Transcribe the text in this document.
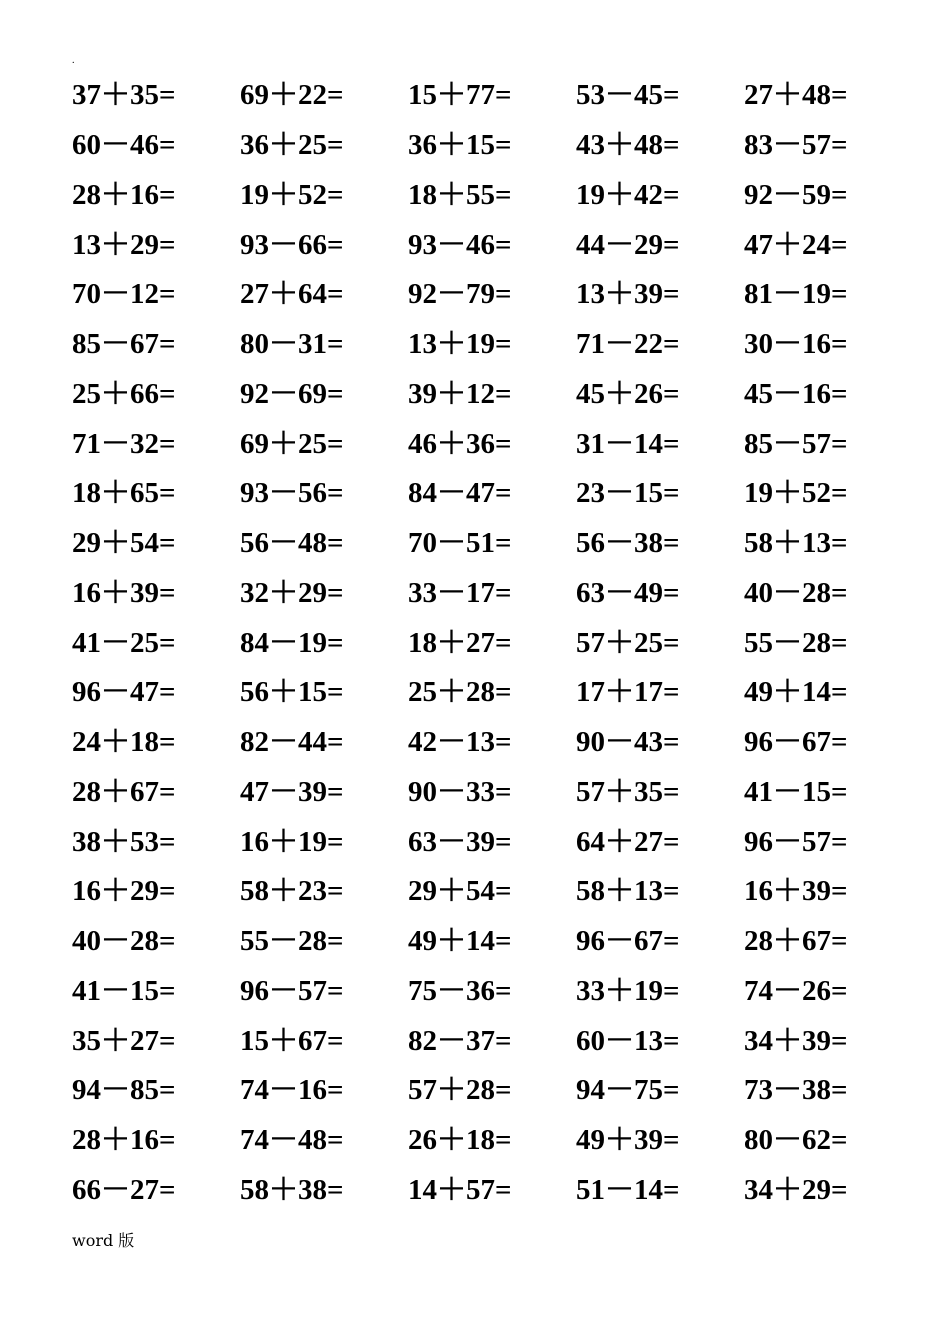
.
37＋35=	69＋22=	15＋77=	53－45=	27＋48=
60－46=	36＋25=	36＋15=	43＋48=	83－57=
28＋16=	19＋52=	18＋55=	19＋42=	92－59=
13＋29=	93－66=	93－46=	44－29=	47＋24=
70－12=	27＋64=	92－79=	13＋39=	81－19=
85－67=	80－31=	13＋19=	71－22=	30－16=
25＋66=	92－69=	39＋12=	45＋26=	45－16=
71－32=	69＋25=	46＋36=	31－14=	85－57=
18＋65=	93－56=	84－47=	23－15=	19＋52=
29＋54=	56－48=	70－51=	56－38=	58＋13=
16＋39=	32＋29=	33－17=	63－49=	40－28=
41－25=	84－19=	18＋27=	57＋25=	55－28=
96－47=	56＋15=	25＋28=	17＋17=	49＋14=
24＋18=	82－44=	42－13=	90－43=	96－67=
28＋67=	47－39=	90－33=	57＋35=	41－15=
38＋53=	16＋19=	63－39=	64＋27=	96－57=
16＋29=	58＋23=	29＋54=	58＋13=	16＋39=
40－28=	55－28=	49＋14=	96－67=	28＋67=
41－15=	96－57=	75－36=	33＋19=	74－26=
35＋27=	15＋67=	82－37=	60－13=	34＋39=
94－85=	74－16=	57＋28=	94－75=	73－38=
28＋16=	74－48=	26＋18=	49＋39=	80－62=
66－27=	58＋38=	14＋57=	51－14=	34＋29=
word 版
